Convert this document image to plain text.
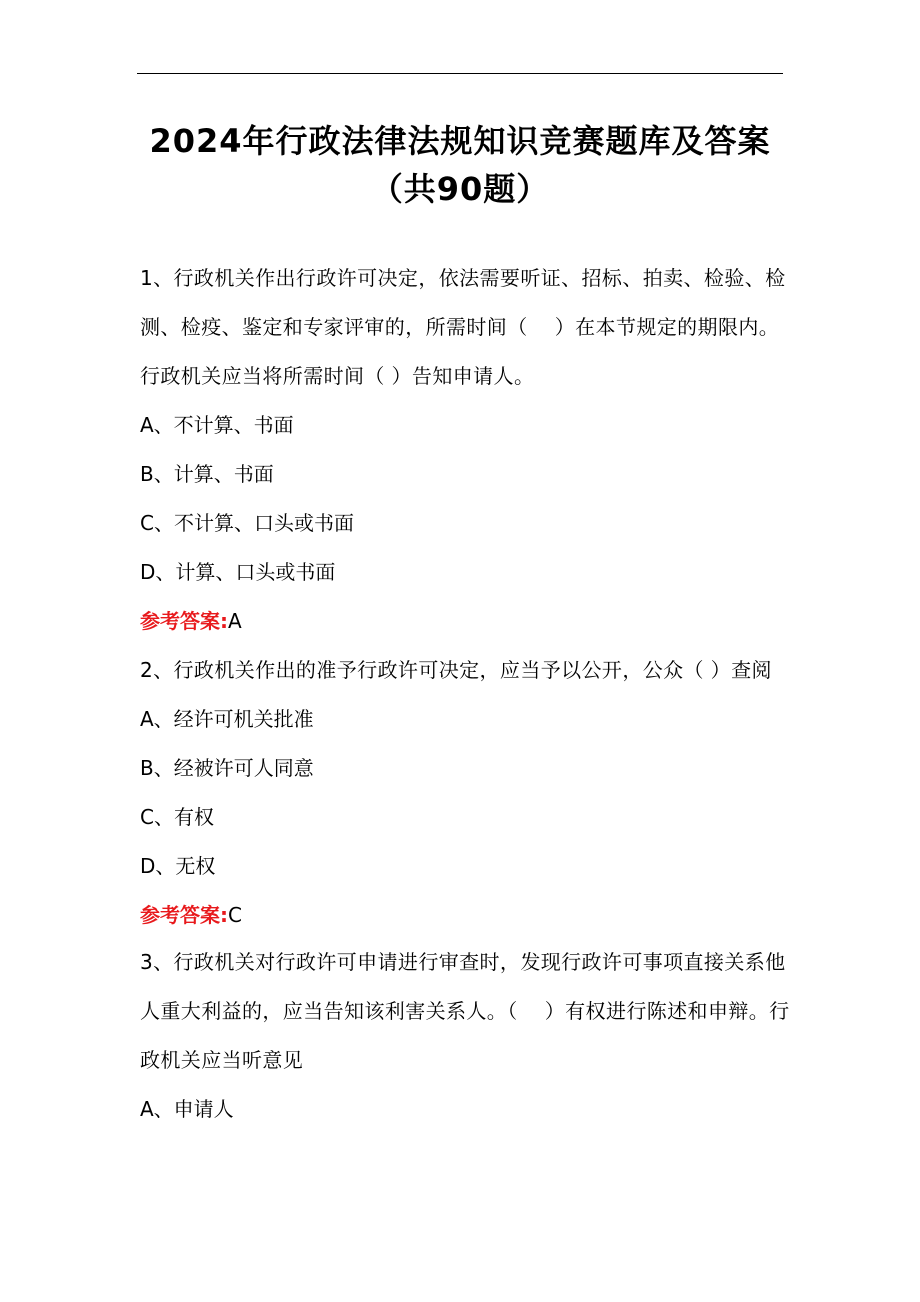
2024年行政法律法规知识竞赛题库及答案
（共90题）
1、行政机关作出行政许可决定，依法需要听证、招标、拍卖、检验、检测、检疫、鉴定和专家评审的，所需时间（　 ）在本节规定的期限内。行政机关应当将所需时间（ ）告知申请人。
A、不计算、书面
B、计算、书面
C、不计算、口头或书面
D、计算、口头或书面
参考答案:A
2、行政机关作出的准予行政许可决定，应当予以公开，公众（ ）查阅
A、经许可机关批准
B、经被许可人同意
C、有权
D、无权
参考答案:C
3、行政机关对行政许可申请进行审查时，发现行政许可事项直接关系他人重大利益的，应当告知该利害关系人。（　 ）有权进行陈述和申辩。行政机关应当听意见
A、申请人
